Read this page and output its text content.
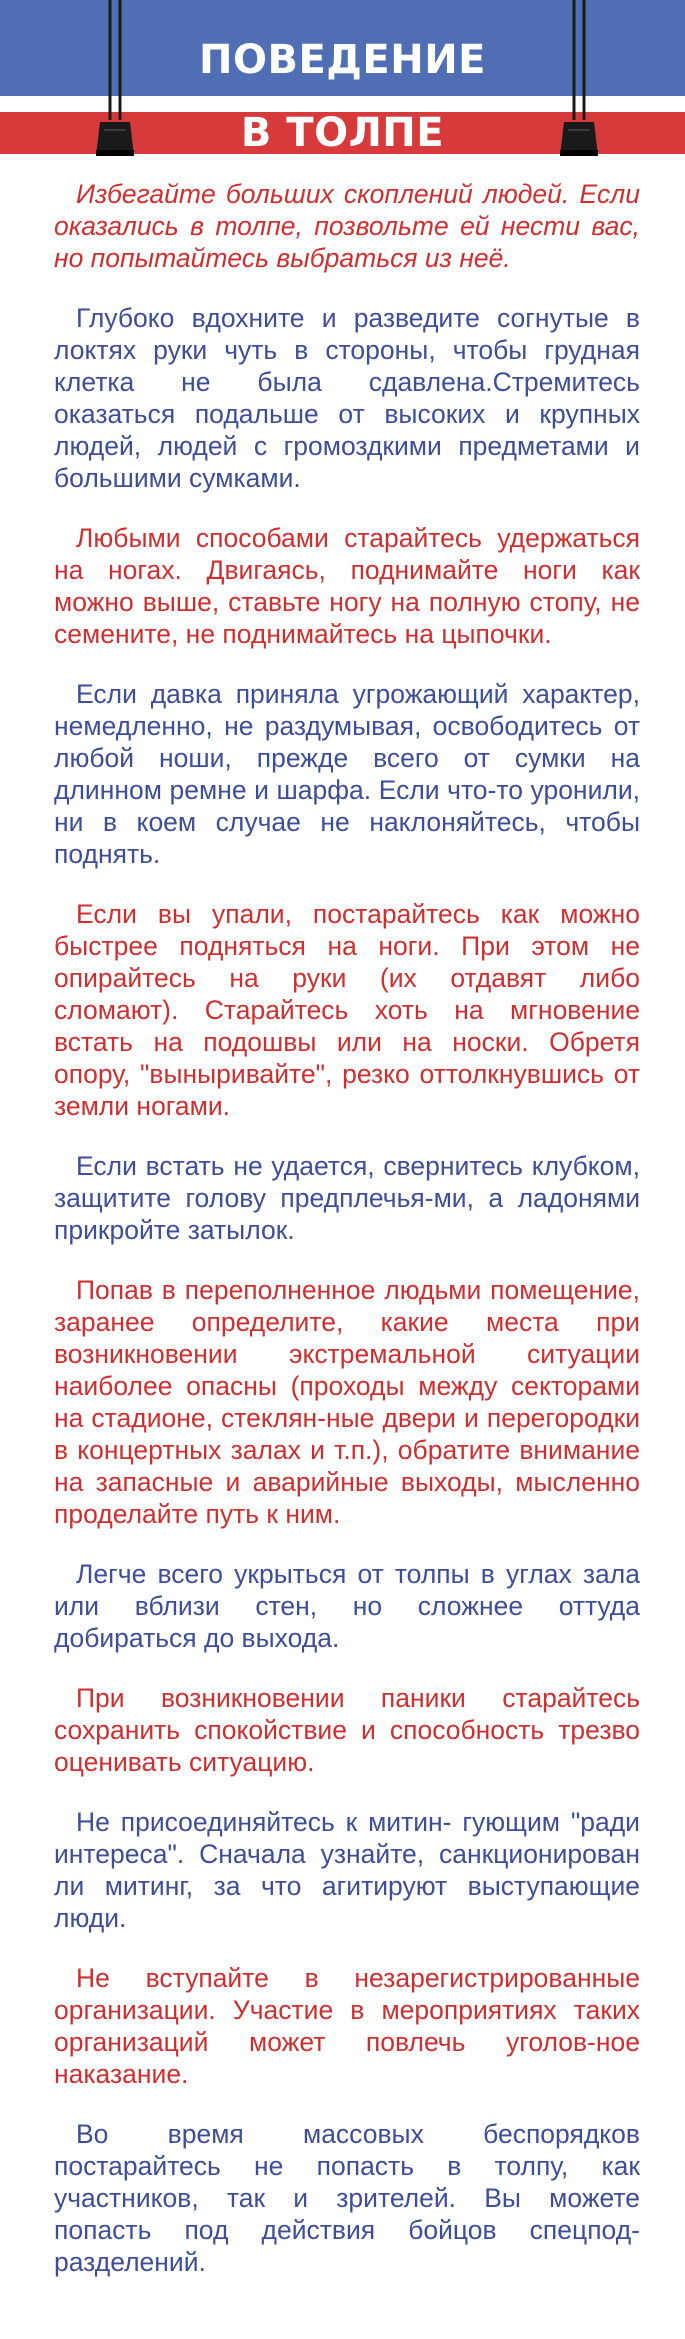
ПОВЕДЕНИЕ
В ТОЛПЕ

Избегайте больших скоплений людей. Если оказались в толпе, позвольте ей нести вас, но попытайтесь выбраться из неё.

Глубоко вдохните и разведите согнутые в локтях руки чуть в стороны, чтобы грудная клетка не была сдавлена.Стремитесь оказаться подальше от высоких и крупных людей, людей с громоздкими предметами и большими сумками.

Любыми способами старайтесь удержаться на ногах. Двигаясь, поднимайте ноги как можно выше, ставьте ногу на полную стопу, не семените, не поднимайтесь на цыпочки.

Если давка приняла угрожающий характер, немедленно, не раздумывая, освободитесь от любой ноши, прежде всего от сумки на длинном ремне и шарфа. Если что-то уронили, ни в коем случае не наклоняйтесь, чтобы поднять.

Если вы упали, постарайтесь как можно быстрее подняться на ноги. При этом не опирайтесь на руки (их отдавят либо сломают). Старайтесь хоть на мгновение встать на подошвы или на носки. Обретя опору, "выныривайте", резко оттолкнувшись от земли ногами.

Если встать не удается, свернитесь клубком, защитите голову предплечья-ми, а ладонями прикройте затылок.

Попав в переполненное людьми помещение, заранее определите, какие места при возникновении экстремальной ситуации наиболее опасны (проходы между секторами на стадионе, стеклян-ные двери и перегородки в концертных залах и т.п.), обратите внимание на запасные и аварийные выходы, мысленно проделайте путь к ним.

Легче всего укрыться от толпы в углах зала или вблизи стен, но сложнее оттуда добираться до выхода.

При возникновении паники старайтесь сохранить спокойствие и способность трезво оценивать ситуацию.

Не присоединяйтесь к митин- гующим "ради интереса". Сначала узнайте, санкционирован ли митинг, за что агитируют выступающие люди.

Не вступайте в незарегистрированные организации. Участие в мероприятиях таких организаций может повлечь уголов-ное наказание.

Во время массовых беспорядков постарайтесь не попасть в толпу, как участников, так и зрителей. Вы можете попасть под действия бойцов спецпод-разделений.
